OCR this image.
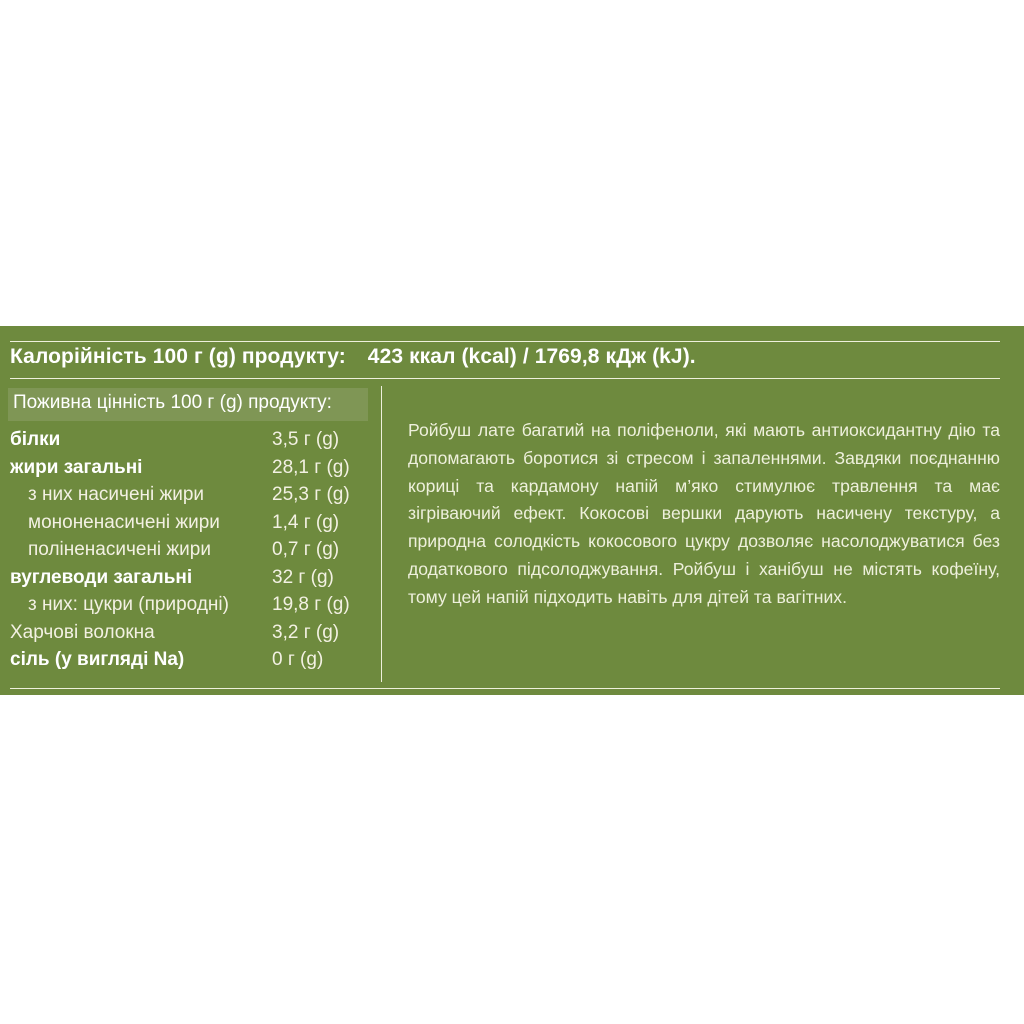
Калорійність 100 г (g) продукту: 423 ккал (kcal) / 1769,8 кДж (kJ).
Поживна цінність 100 г (g) продукту:
білки	3,5 г (g)
жири загальні	28,1 г (g)
з них насичені жири	25,3 г (g)
мононенасичені жири	1,4 г (g)
поліненасичені жири	0,7 г (g)
вуглеводи загальні	32 г (g)
з них: цукри (природні) 19,8 г (g)
Харчові волокна	3,2 г (g)
сіль (у вигляді Na)	0 г (g)
Ройбуш лате багатий на поліфеноли, які мають антиоксидантну дію та допомагають боротися зі стресом і запаленнями. Завдяки поєднанню кориці та кардамону напій м’яко стимулює травлення та має зігріваючий ефект. Кокосові вершки дарують насичену текстуру, а природна солодкість кокосового цукру дозволяє насолоджуватися без додаткового підсолоджування. Ройбуш і ханібуш не містять кофеїну, тому цей напій підходить навіть для дітей та вагітних.
